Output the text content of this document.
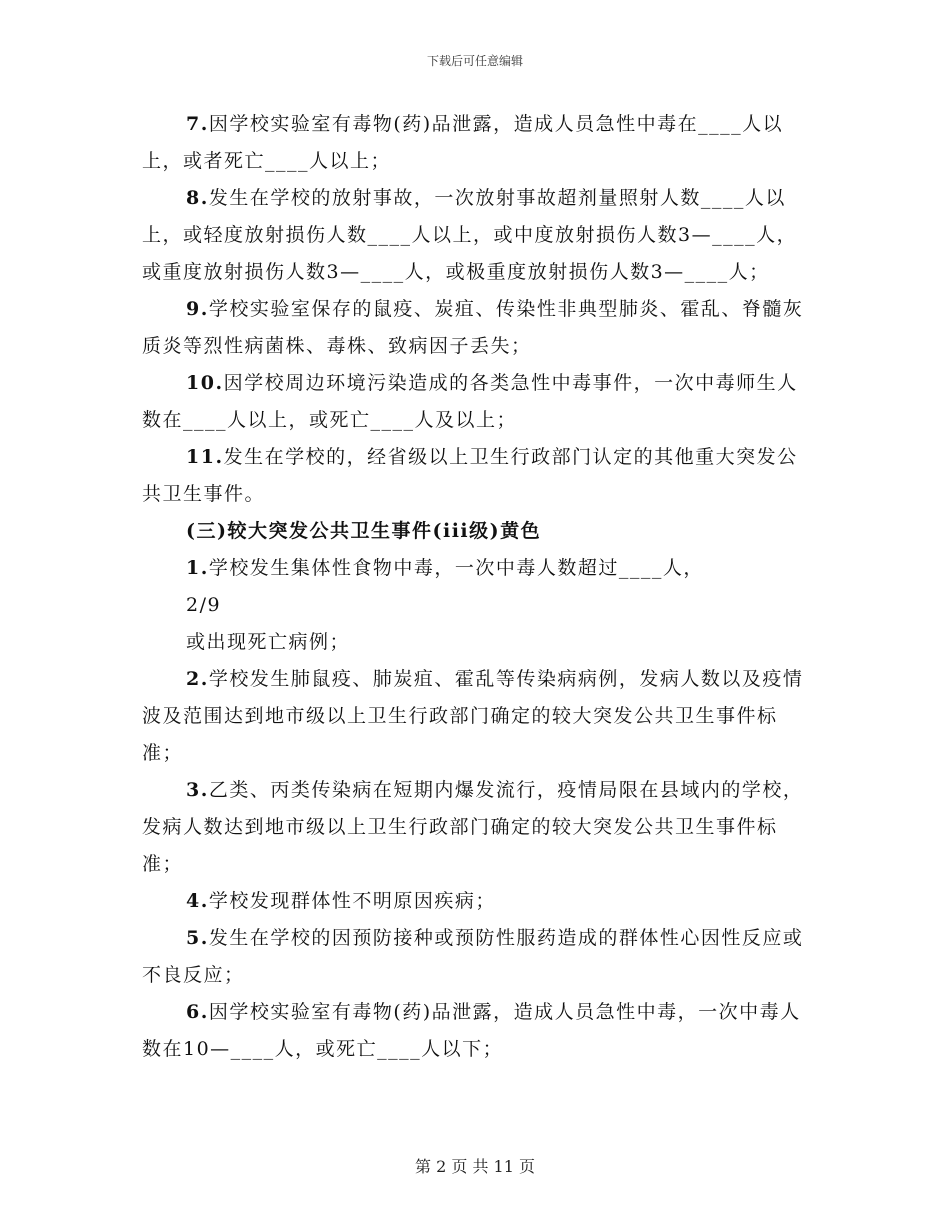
下载后可任意编辑

7.因学校实验室有毒物(药)品泄露，造成人员急性中毒在____人以上，或者死亡____人以上；

8.发生在学校的放射事故，一次放射事故超剂量照射人数____人以上，或轻度放射损伤人数____人以上，或中度放射损伤人数3—____人，或重度放射损伤人数3—____人，或极重度放射损伤人数3—____人；

9.学校实验室保存的鼠疫、炭疽、传染性非典型肺炎、霍乱、脊髓灰质炎等烈性病菌株、毒株、致病因子丢失；

10.因学校周边环境污染造成的各类急性中毒事件，一次中毒师生人数在____人以上，或死亡____人及以上；

11.发生在学校的，经省级以上卫生行政部门认定的其他重大突发公共卫生事件。

(三)较大突发公共卫生事件(iii级)黄色

1.学校发生集体性食物中毒，一次中毒人数超过____人，

2/9

或出现死亡病例；

2.学校发生肺鼠疫、肺炭疽、霍乱等传染病病例，发病人数以及疫情波及范围达到地市级以上卫生行政部门确定的较大突发公共卫生事件标准；

3.乙类、丙类传染病在短期内爆发流行，疫情局限在县域内的学校，发病人数达到地市级以上卫生行政部门确定的较大突发公共卫生事件标准；

4.学校发现群体性不明原因疾病；

5.发生在学校的因预防接种或预防性服药造成的群体性心因性反应或不良反应；

6.因学校实验室有毒物(药)品泄露，造成人员急性中毒，一次中毒人数在10—____人，或死亡____人以下；

第 2 页 共 11 页
